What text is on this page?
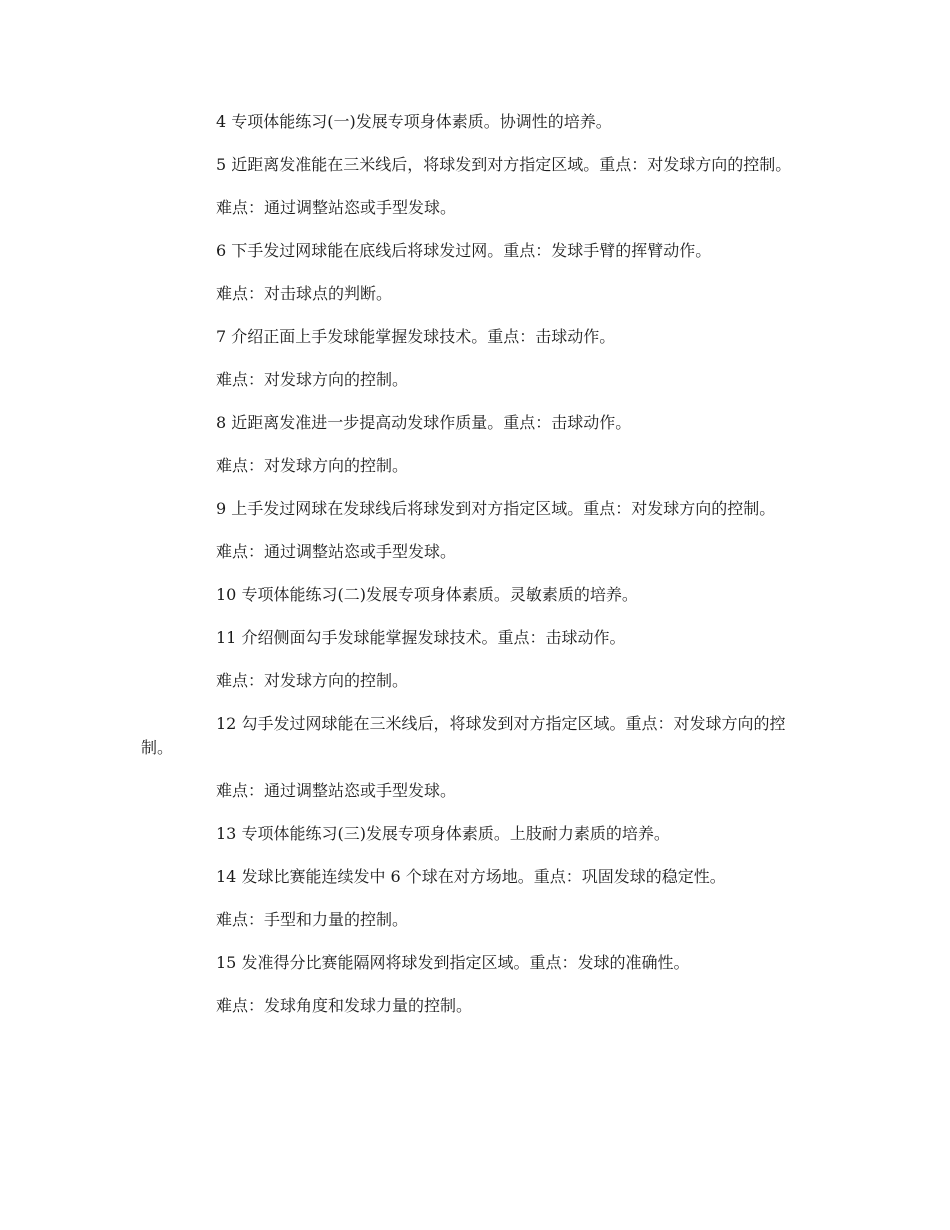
4 专项体能练习(一)发展专项身体素质。协调性的培养。

5 近距离发准能在三米线后，将球发到对方指定区域。重点：对发球方向的控制。

难点：通过调整站恣或手型发球。

6 下手发过网球能在底线后将球发过网。重点：发球手臂的挥臂动作。

难点：对击球点的判断。

7 介绍正面上手发球能掌握发球技术。重点：击球动作。

难点：对发球方向的控制。

8 近距离发准进一步提高动发球作质量。重点：击球动作。

难点：对发球方向的控制。

9 上手发过网球在发球线后将球发到对方指定区域。重点：对发球方向的控制。

难点：通过调整站恣或手型发球。

10 专项体能练习(二)发展专项身体素质。灵敏素质的培养。

11 介绍侧面勾手发球能掌握发球技术。重点：击球动作。

难点：对发球方向的控制。

12 勾手发过网球能在三米线后，将球发到对方指定区域。重点：对发球方向的控制。

难点：通过调整站恣或手型发球。

13 专项体能练习(三)发展专项身体素质。上肢耐力素质的培养。

14 发球比赛能连续发中 6 个球在对方场地。重点：巩固发球的稳定性。

难点：手型和力量的控制。

15 发准得分比赛能隔网将球发到指定区域。重点：发球的准确性。

难点：发球角度和发球力量的控制。
